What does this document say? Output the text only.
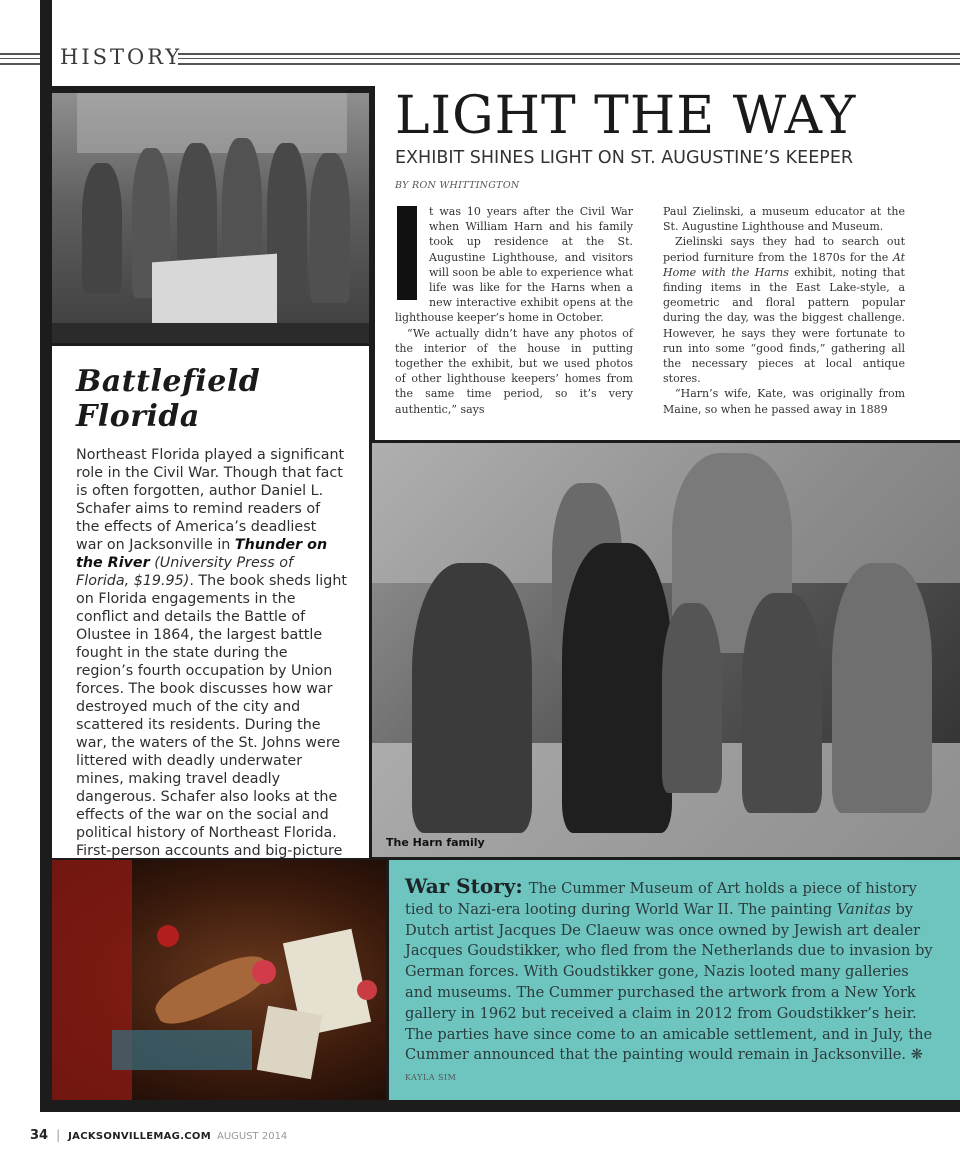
HISTORY
Battlefield Florida
Northeast Florida played a significant role in the Civil War. Though that fact is often forgotten, author Daniel L. Schafer aims to remind readers of the effects of America’s deadliest war on Jacksonville in Thunder on the River (University Press of Florida, $19.95). The book sheds light on Florida engagements in the conflict and details the Battle of Olustee in 1864, the largest battle fought in the state during the region’s fourth occupation by Union forces. The book discusses how war destroyed much of the city and scattered its residents. During the war, the waters of the St. Johns were littered with deadly underwater mines, making travel deadly dangerous. Schafer also looks at the effects of the war on the social and political history of Northeast Florida. First-person accounts and big-picture
LIGHT THE WAY
EXHIBIT SHINES LIGHT ON ST. AUGUSTINE’S KEEPER
BY RON WHITTINGTON

t was 10 years after the Civil War when William Harn and his family took up residence at the St. Augustine Lighthouse, and visitors will soon be able to experience what life was like for the Harns when a new interactive exhibit opens at the lighthouse keeper’s home in October.

“We actually didn’t have any photos of the interior of the house in putting together the exhibit, but we used photos of other lighthouse keepers’ homes from the same time period, so it’s very authentic,” says

Paul Zielinski, a museum educator at the St. Augustine Lighthouse and Museum.

Zielinski says they had to search out period furniture from the 1870s for the At Home with the Harns exhibit, noting that finding items in the East Lake-style, a geometric and floral pattern popular during the day, was the biggest challenge. However, he says they were fortunate to run into some “good finds,” gathering all the necessary pieces at local antique stores.

“Harn’s wife, Kate, was originally from Maine, so when he passed away in 1889

The Harn family
War Story: The Cummer Museum of Art holds a piece of history tied to Nazi-era looting during World War II. The painting Vanitas by Dutch artist Jacques De Claeuw was once owned by Jewish art dealer Jacques Goudstikker, who fled from the Netherlands due to invasion by German forces. With Goudstikker gone, Nazis looted many galleries and museums. The Cummer purchased the artwork from a New York gallery in 1962 but received a claim in 2012 from Goudstikker’s heir. The parties have since come to an amicable settlement, and in July, the Cummer announced that the painting would remain in Jacksonville. ❋ KAYLA SIM
34 | JACKSONVILLEMAG.COM AUGUST 2014
